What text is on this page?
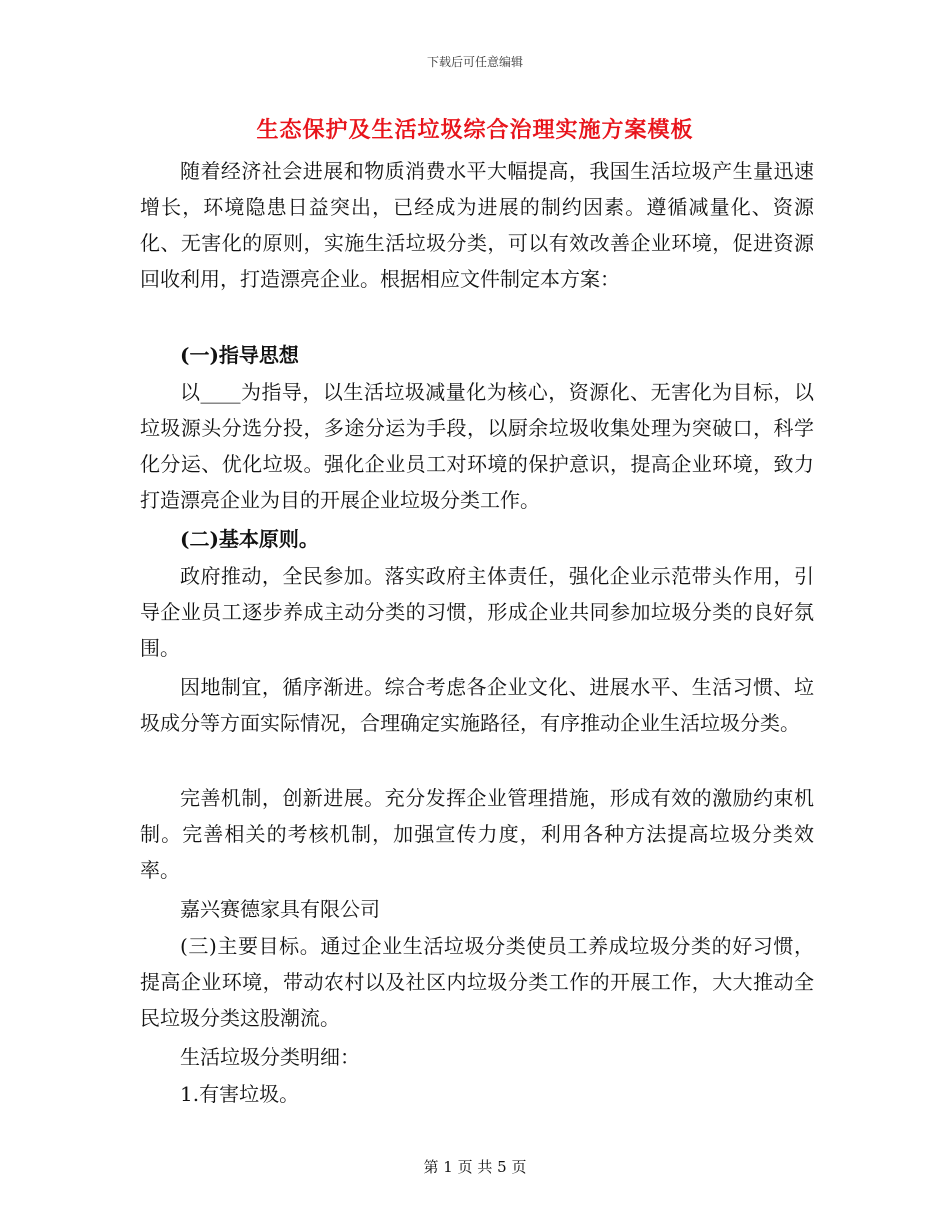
下载后可任意编辑
生态保护及生活垃圾综合治理实施方案模板

随着经济社会进展和物质消费水平大幅提高，我国生活垃圾产生量迅速增长，环境隐患日益突出，已经成为进展的制约因素。遵循减量化、资源化、无害化的原则，实施生活垃圾分类，可以有效改善企业环境，促进资源回收利用，打造漂亮企业。根据相应文件制定本方案：

(一)指导思想

以____为指导，以生活垃圾减量化为核心，资源化、无害化为目标，以垃圾源头分选分投，多途分运为手段，以厨余垃圾收集处理为突破口，科学化分运、优化垃圾。强化企业员工对环境的保护意识，提高企业环境，致力打造漂亮企业为目的开展企业垃圾分类工作。

(二)基本原则。

政府推动，全民参加。落实政府主体责任，强化企业示范带头作用，引导企业员工逐步养成主动分类的习惯，形成企业共同参加垃圾分类的良好氛围。

因地制宜，循序渐进。综合考虑各企业文化、进展水平、生活习惯、垃圾成分等方面实际情况，合理确定实施路径，有序推动企业生活垃圾分类。

完善机制，创新进展。充分发挥企业管理措施，形成有效的激励约束机制。完善相关的考核机制，加强宣传力度，利用各种方法提高垃圾分类效率。

嘉兴赛德家具有限公司

(三)主要目标。通过企业生活垃圾分类使员工养成垃圾分类的好习惯，提高企业环境，带动农村以及社区内垃圾分类工作的开展工作，大大推动全民垃圾分类这股潮流。

生活垃圾分类明细：

1.有害垃圾。

第 1 页 共 5 页
